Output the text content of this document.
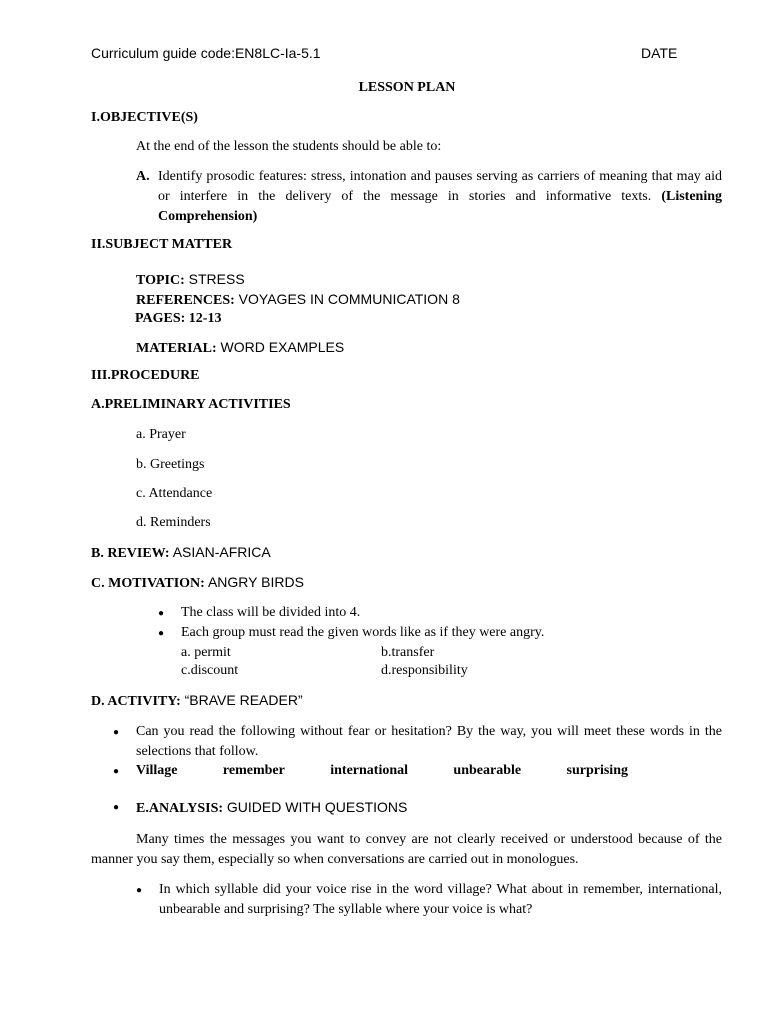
Curriculum guide code:EN8LC-Ia-5.1	DATE
LESSON PLAN
I.OBJECTIVE(S)
At the end of the lesson the students should be able to:
A. Identify prosodic features: stress, intonation and pauses serving as carriers of meaning that may aid or interfere in the delivery of the message in stories and informative texts. (Listening Comprehension)
II.SUBJECT MATTER
TOPIC: STRESS
REFERENCES: VOYAGES IN COMMUNICATION 8
PAGES: 12-13
MATERIAL: WORD EXAMPLES
III.PROCEDURE
A.PRELIMINARY ACTIVITIES
a. Prayer
b. Greetings
c. Attendance
d. Reminders
B. REVIEW: ASIAN-AFRICA
C. MOTIVATION: ANGRY BIRDS
● The class will be divided into 4.
● Each group must read the given words like as if they were angry.
a. permit	b.transfer
c.discount	d.responsibility
D. ACTIVITY: “BRAVE READER”
● Can you read the following without fear or hesitation? By the way, you will meet these words in the selections that follow.
● Village	remember	international	unbearable	surprising
● E.ANALYSIS: GUIDED WITH QUESTIONS
Many times the messages you want to convey are not clearly received or understood because of the manner you say them, especially so when conversations are carried out in monologues.
● In which syllable did your voice rise in the word village? What about in remember, international, unbearable and surprising? The syllable where your voice is what?
